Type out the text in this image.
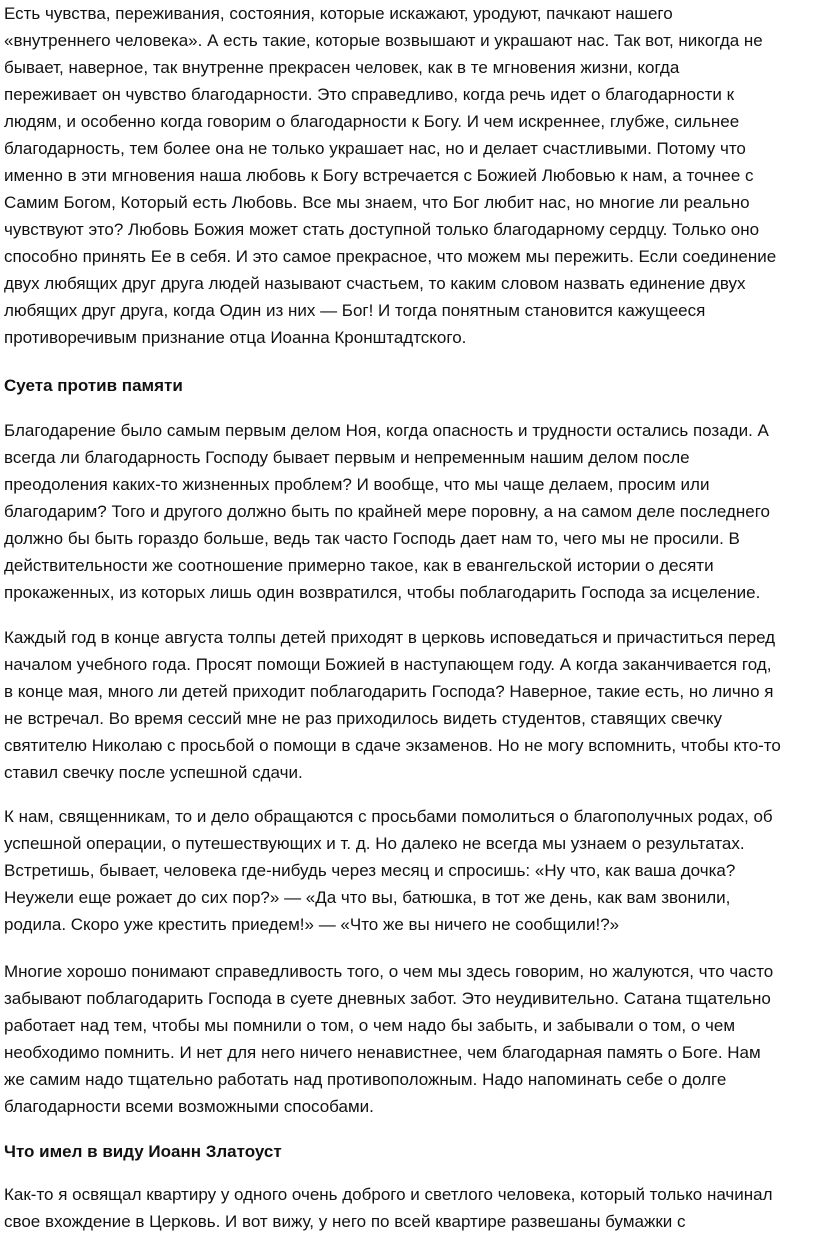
Есть чувства, переживания, состояния, которые искажают, уродуют, пачкают нашего
«внутреннего человека». А есть такие, которые возвышают и украшают нас. Так вот, никогда не
бывает, наверное, так внутренне прекрасен человек, как в те мгновения жизни, когда
переживает он чувство благодарности. Это справедливо, когда речь идет о благодарности к
людям, и особенно когда говорим о благодарности к Богу. И чем искреннее, глубже, сильнее
благодарность, тем более она не только украшает нас, но и делает счастливыми. Потому что
именно в эти мгновения наша любовь к Богу встречается с Божией Любовью к нам, а точнее с
Самим Богом, Который есть Любовь. Все мы знаем, что Бог любит нас, но многие ли реально
чувствуют это? Любовь Божия может стать доступной только благодарному сердцу. Только оно
способно принять Ее в себя. И это самое прекрасное, что можем мы пережить. Если соединение
двух любящих друг друга людей называют счастьем, то каким словом назвать единение двух
любящих друг друга, когда Один из них — Бог! И тогда понятным становится кажущееся
противоречивым признание отца Иоанна Кронштадтского.

Суета против памяти

Благодарение было самым первым делом Ноя, когда опасность и трудности остались позади. А
всегда ли благодарность Господу бывает первым и непременным нашим делом после
преодоления каких-то жизненных проблем? И вообще, что мы чаще делаем, просим или
благодарим? Того и другого должно быть по крайней мере поровну, а на самом деле последнего
должно бы быть гораздо больше, ведь так часто Господь дает нам то, чего мы не просили. В
действительности же соотношение примерно такое, как в евангельской истории о десяти
прокаженных, из которых лишь один возвратился, чтобы поблагодарить Господа за исцеление.

Каждый год в конце августа толпы детей приходят в церковь исповедаться и причаститься перед
началом учебного года. Просят помощи Божией в наступающем году. А когда заканчивается год,
в конце мая, много ли детей приходит поблагодарить Господа? Наверное, такие есть, но лично я
не встречал. Во время сессий мне не раз приходилось видеть студентов, ставящих свечку
святителю Николаю с просьбой о помощи в сдаче экзаменов. Но не могу вспомнить, чтобы кто-то
ставил свечку после успешной сдачи.

К нам, священникам, то и дело обращаются с просьбами помолиться о благополучных родах, об
успешной операции, о путешествующих и т. д. Но далеко не всегда мы узнаем о результатах.
Встретишь, бывает, человека где-нибудь через месяц и спросишь: «Ну что, как ваша дочка?
Неужели еще рожает до сих пор?» — «Да что вы, батюшка, в тот же день, как вам звонили,
родила. Скоро уже крестить приедем!» — «Что же вы ничего не сообщили!?»

Многие хорошо понимают справедливость того, о чем мы здесь говорим, но жалуются, что часто
забывают поблагодарить Господа в суете дневных забот. Это неудивительно. Сатана тщательно
работает над тем, чтобы мы помнили о том, о чем надо бы забыть, и забывали о том, о чем
необходимо помнить. И нет для него ничего ненавистнее, чем благодарная память о Боге. Нам
же самим надо тщательно работать над противоположным. Надо напоминать себе о долге
благодарности всеми возможными способами.

Что имел в виду Иоанн Златоуст

Как-то я освящал квартиру у одного очень доброго и светлого человека, который только начинал
свое вхождение в Церковь. И вот вижу, у него по всей квартире развешаны бумажки с
